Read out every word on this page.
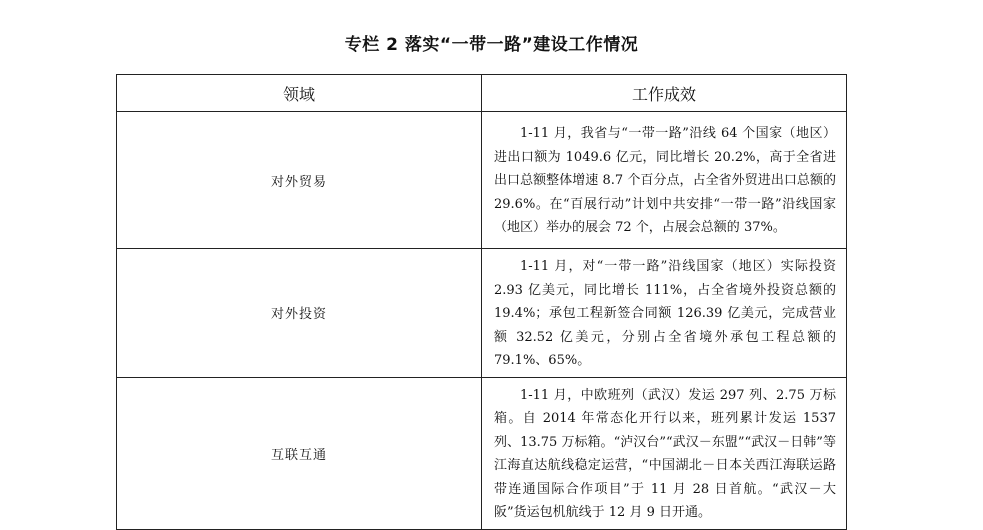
专栏 2 落实“一带一路”建设工作情况
领域	工作成效
对外贸易	1-11 月，我省与“一带一路”沿线 64 个国家（地区）进出口额为 1049.6 亿元，同比增长 20.2%，高于全省进出口总额整体增速 8.7 个百分点，占全省外贸进出口总额的 29.6%。在“百展行动”计划中共安排“一带一路”沿线国家（地区）举办的展会 72 个，占展会总额的 37%。
对外投资	1-11 月，对“一带一路”沿线国家（地区）实际投资 2.93 亿美元，同比增长 111%，占全省境外投资总额的 19.4%；承包工程新签合同额 126.39 亿美元，完成营业额 32.52 亿美元，分别占全省境外承包工程总额的 79.1%、65%。
互联互通	1-11 月，中欧班列（武汉）发运 297 列、2.75 万标箱。自 2014 年常态化开行以来，班列累计发运 1537 列、13.75 万标箱。“泸汉台”“武汉－东盟”“武汉－日韩”等江海直达航线稳定运营，“中国湖北－日本关西江海联运路带连通国际合作项目”于 11 月 28 日首航。“武汉－大阪”货运包机航线于 12 月 9 日开通。
